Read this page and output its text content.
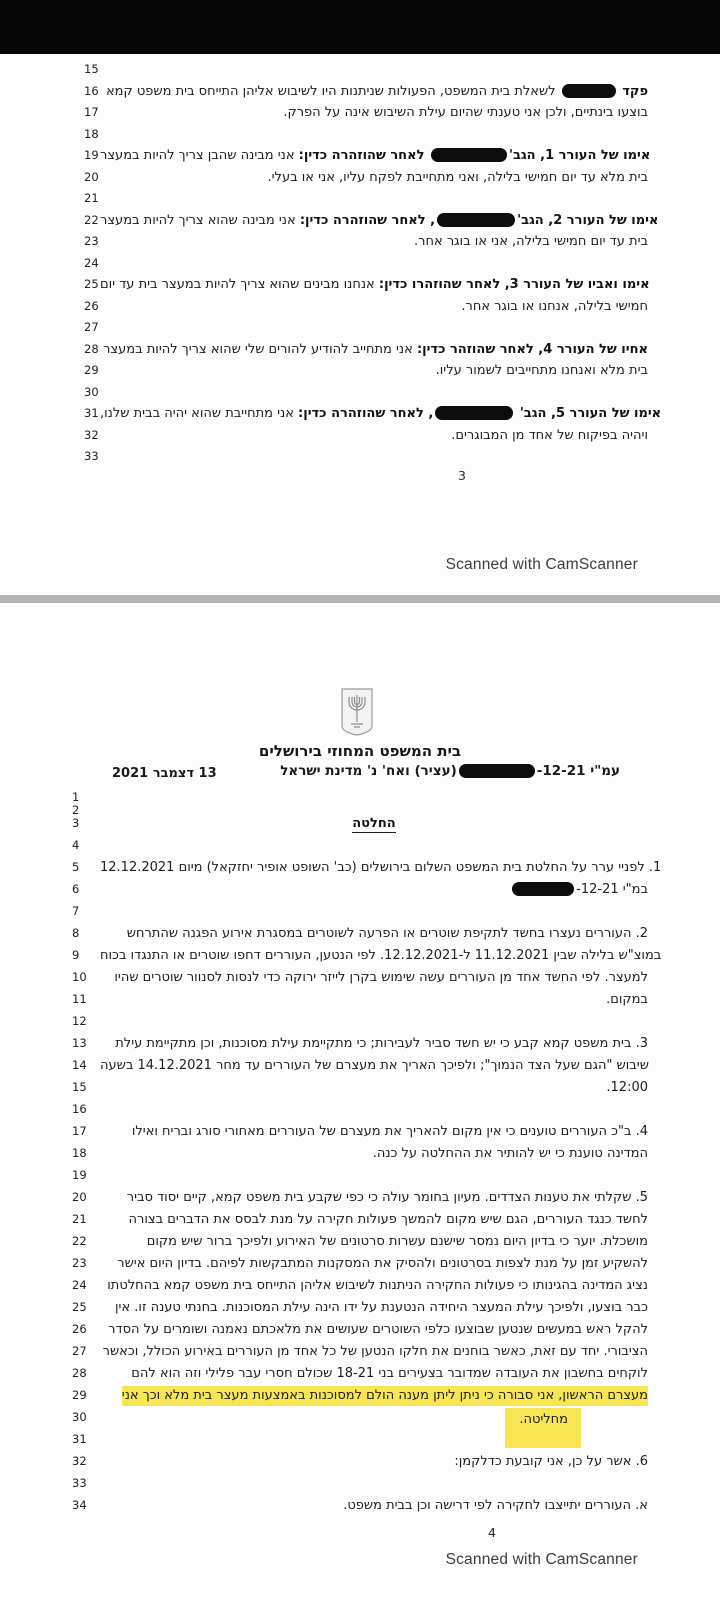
15
16	פקד  לשאלת בית המשפט, הפעולות שניתנות היו לשיבוש אליהן התייחס בית משפט קמא
17	בוצעו בינתיים, ולכן אני טענתי שהיום עילת השיבוש אינה על הפרק.
18
19	אימו של העורר 1, הגב' לאחר שהוזהרה כדין: אני מבינה שהבן צריך להיות במעצר
20	בית מלא עד יום חמישי בלילה, ואני מתחייבת לפקח עליו, אני או בעלי.
21
22	אימו של העורר 2, הגב', לאחר שהוזהרה כדין: אני מבינה שהוא צריך להיות במעצר
23	בית עד יום חמישי בלילה, אני או בוגר אחר.
24
25	אימו ואביו של העורר 3, לאחר שהוזהרו כדין: אנחנו מבינים שהוא צריך להיות במעצר בית עד יום
26	חמישי בלילה, אנחנו או בוגר אחר.
27
28	אחיו של העורר 4, לאחר שהוזהר כדין: אני מתחייב להודיע להורים שלי שהוא צריך להיות במעצר
29	בית מלא ואנחנו מתחייבים לשמור עליו.
30
31	אימו של העורר 5, הגב' , לאחר שהוזהרה כדין: אני מתחייבת שהוא יהיה בבית שלנו,
32	ויהיה בפיקוח של אחד מן המבוגרים.
33
3
Scanned with CamScanner
בית המשפט המחוזי בירושלים
עמ"י -12-21(עציר) ואח' נ' מדינת ישראל
13 דצמבר 2021
1
2
3	החלטה
4
5	1. לפניי ערר על החלטת בית המשפט השלום בירושלים (כב' השופט אופיר יחזקאל) מיום 12.12.2021
6	במ"י -12-21
7
8	2. העוררים נעצרו בחשד לתקיפת שוטרים או הפרעה לשוטרים במסגרת אירוע הפגנה שהתרחש
9	במוצ"ש בלילה שבין 11.12.2021 ל-12.12.2021. לפי הנטען, העוררים דחפו שוטרים או התנגדו בכוח
10	למעצר. לפי החשד אחד מן העוררים עשה שימוש בקרן לייזר ירוקה כדי לנסות לסנוור שוטרים שהיו
11	במקום.
12
13	3. בית משפט קמא קבע כי יש חשד סביר לעבירות; כי מתקיימת עילת מסוכנות, וכן מתקיימת עילת
14	שיבוש "הגם שעל הצד הנמוך"; ולפיכך האריך את מעצרם של העוררים עד מחר 14.12.2021 בשעה
15	12:00.
16
17	4. ב"כ העוררים טוענים כי אין מקום להאריך את מעצרם של העוררים מאחורי סורג ובריח ואילו
18	המדינה טוענת כי יש להותיר את ההחלטה על כנה.
19
20	5. שקלתי את טענות הצדדים. מעיון בחומר עולה כי כפי שקבע בית משפט קמא, קיים יסוד סביר
21	לחשד כנגד העוררים, הגם שיש מקום להמשך פעולות חקירה על מנת לבסס את הדברים בצורה
22	מושכלת. יוער כי בדיון היום נמסר שישנם עשרות סרטונים של האירוע ולפיכך ברור שיש מקום
23	להשקיע זמן על מנת לצפות בסרטונים ולהסיק את המסקנות המתבקשות לפיהם. בדיון היום אישר
24	נציג המדינה בהגינותו כי פעולות החקירה הניתנות לשיבוש אליהן התייחס בית משפט קמא בהחלטתו
25	כבר בוצעו, ולפיכך עילת המעצר היחידה הנטענת על ידו הינה עילת המסוכנות. בחנתי טענה זו. אין
26	להקל ראש במעשים שנטען שבוצעו כלפי השוטרים שעושים את מלאכתם נאמנה ושומרים על הסדר
27	הציבורי. יחד עם זאת, כאשר בוחנים את חלקו הנטען של כל אחד מן העוררים באירוע הכולל, וכאשר
28	לוקחים בחשבון את העובדה שמדובר בצעירים בני 18-21 שכולם חסרי עבר פלילי וזה הוא להם
29	מעצרם הראשון, אני סבורה כי ניתן ליתן מענה הולם למסוכנות באמצעות מעצר בית מלא וכך אני
30	מחליטה.
31
32	6. אשר על כן, אני קובעת כדלקמן:
33
34	א. העוררים יתייצבו לחקירה לפי דרישה וכן בבית משפט.
4
Scanned with CamScanner
